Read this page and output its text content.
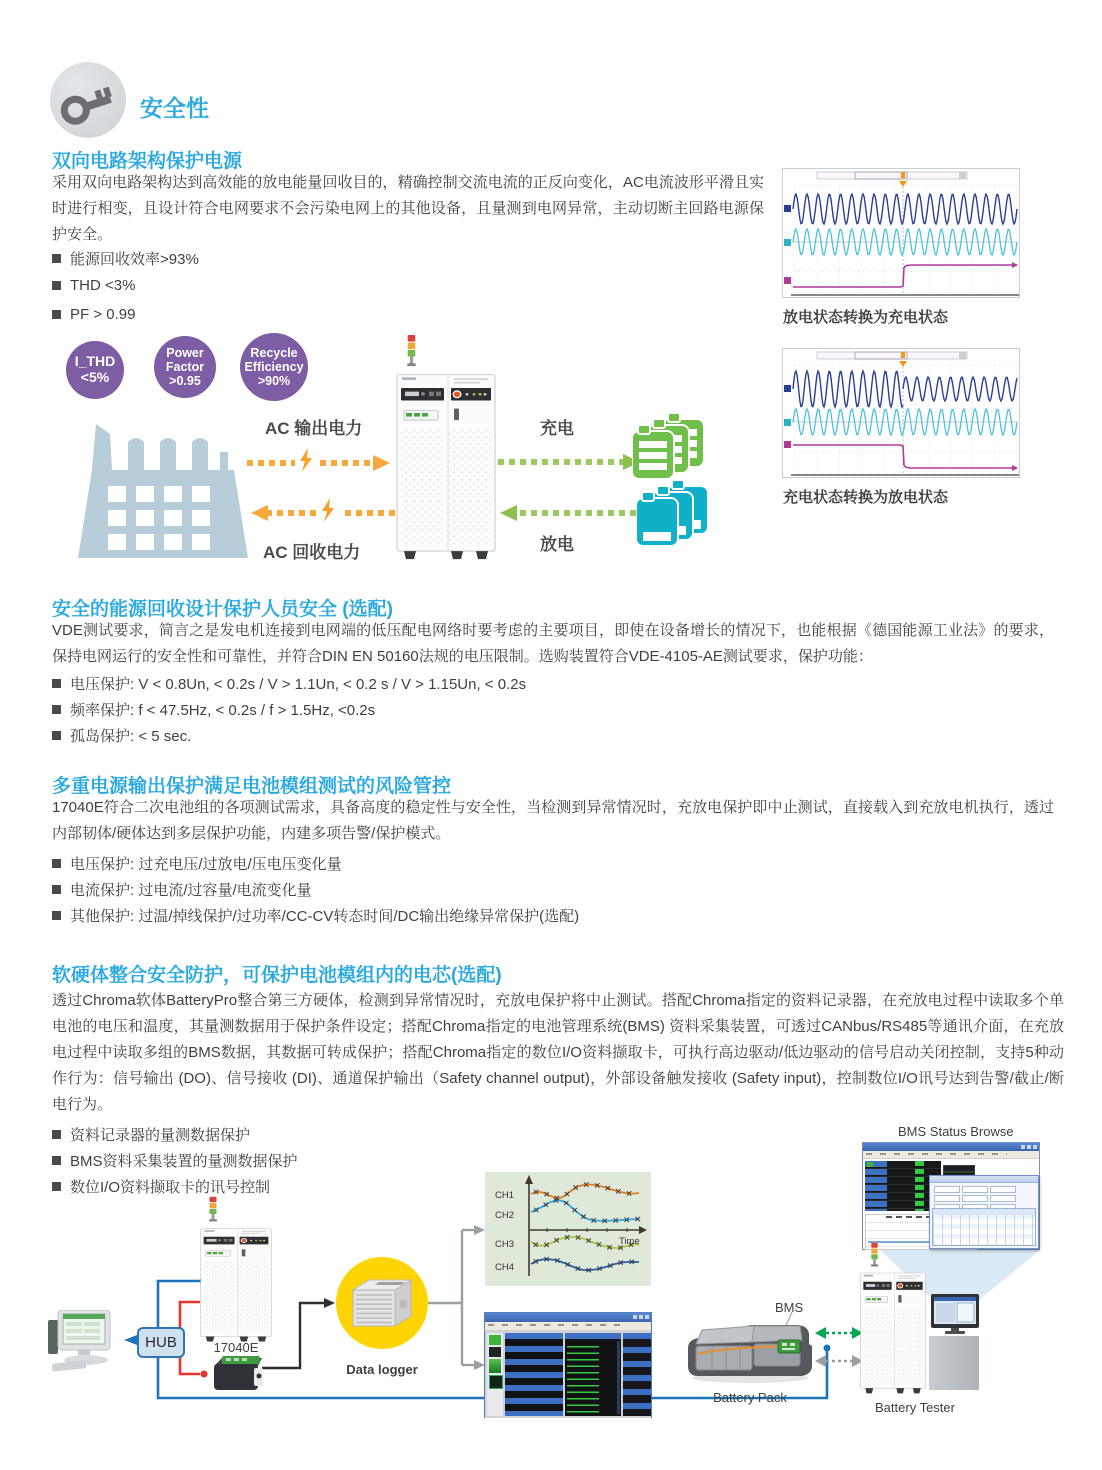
安全性
双向电路架构保护电源
采用双向电路架构达到高效能的放电能量回收目的，精确控制交流电流的正反向变化，AC电流波形平滑且实时进行相变，且设计符合电网要求不会污染电网上的其他设备，且量测到电网异常，主动切断主回路电源保护安全。
能源回收效率>93%
THD <3%
PF > 0.99	放电状态转换为充电状态
充电状态转换为放电状态
I_THD
<5%
Power
Factor
>0.95
Recycle
Efficiency
>90%
AC 输出电力
AC 回收电力
充电
放电
安全的能源回收设计保护人员安全 (选配)
VDE测试要求，简言之是发电机连接到电网端的低压配电网络时要考虑的主要项目，即使在设备增长的情况下，也能根据《德国能源工业法》的要求，保持电网运行的安全性和可靠性，并符合DIN EN 50160法规的电压限制。选购装置符合VDE-4105-AE测试要求，保护功能：
电压保护: V < 0.8Un, < 0.2s / V > 1.1Un, < 0.2 s / V > 1.15Un, < 0.2s
频率保护: f < 47.5Hz, < 0.2s / f > 1.5Hz, <0.2s
孤岛保护: < 5 sec.
多重电源输出保护满足电池模组测试的风险管控
17040E符合二次电池组的各项测试需求，具备高度的稳定性与安全性，当检测到异常情况时，充放电保护即中止测试，直接载入到充放电机执行，透过内部韧体/硬体达到多层保护功能，内建多项告警/保护模式。
电压保护: 过充电压/过放电/压电压变化量
电流保护: 过电流/过容量/电流变化量
其他保护: 过温/掉线保护/过功率/CC-CV转态时间/DC输出绝缘异常保护(选配)
软硬体整合安全防护，可保护电池模组内的电芯(选配)
透过Chroma软体BatteryPro整合第三方硬体，检测到异常情况时，充放电保护将中止测试。搭配Chroma指定的资料记录器，在充放电过程中读取多个单电池的电压和温度，其量测数据用于保护条件设定；搭配Chroma指定的电池管理系统(BMS) 资料采集装置，可透过CANbus/RS485等通讯介面，在充放电过程中读取多组的BMS数据，其数据可转成保护；搭配Chroma指定的数位I/O资料撷取卡，可执行高边驱动/低边驱动的信号启动关闭控制，支持5种动作行为：信号输出 (DO)、信号接收 (DI)、通道保护输出（Safety channel output)，外部设备触发接收 (Safety input)，控制数位I/O讯号达到告警/截止/断电行为。
资料记录器的量测数据保护
BMS资料采集装置的量测数据保护
数位I/O资料撷取卡的讯号控制
BMS Status Browse
HUB	17040E
Data logger
CH1
CH2
CH3
CH4
Time
BMS
Battery Pack
Battery Tester
